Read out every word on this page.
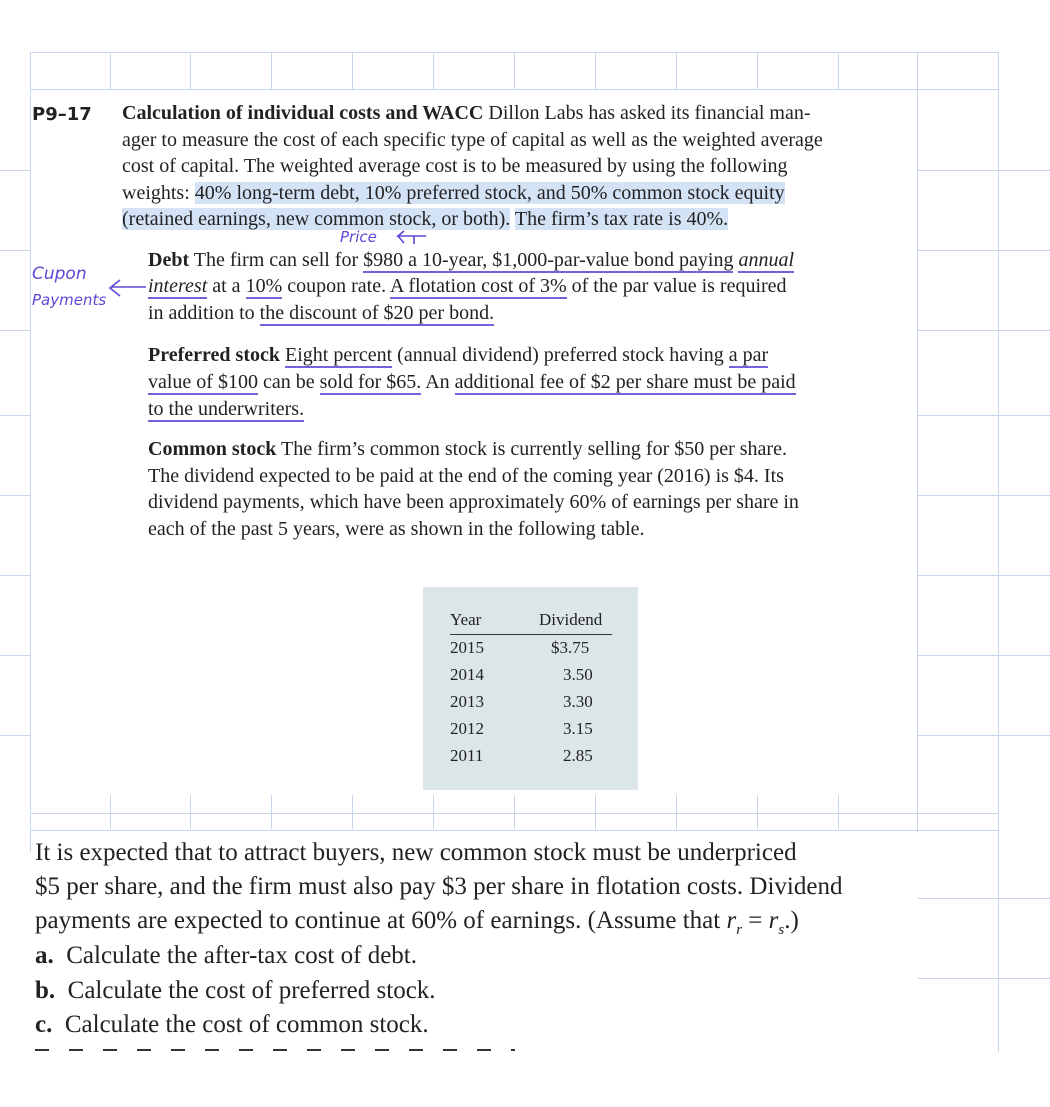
P9–17 Calculation of individual costs and WACC Dillon Labs has asked its financial man-
ager to measure the cost of each specific type of capital as well as the weighted average
cost of capital. The weighted average cost is to be measured by using the following
weights: 40% long-term debt, 10% preferred stock, and 50% common stock equity
(retained earnings, new common stock, or both). The firm’s tax rate is 40%.
Price
Cupon
Payments
Debt The firm can sell for $980 a 10-year, $1,000-par-value bond paying annual
interest at a 10% coupon rate. A flotation cost of 3% of the par value is required
in addition to the discount of $20 per bond.
Preferred stock Eight percent (annual dividend) preferred stock having a par
value of $100 can be sold for $65. An additional fee of $2 per share must be paid
to the underwriters.
Common stock The firm’s common stock is currently selling for $50 per share.
The dividend expected to be paid at the end of the coming year (2016) is $4. Its
dividend payments, which have been approximately 60% of earnings per share in
each of the past 5 years, were as shown in the following table.
Year	Dividend
2015	$3.75
2014	3.50
2013	3.30
2012	3.15
2011	2.85
It is expected that to attract buyers, new common stock must be underpriced
$5 per share, and the firm must also pay $3 per share in flotation costs. Dividend
payments are expected to continue at 60% of earnings. (Assume that $r_r = r_s$.)
a. Calculate the after-tax cost of debt.
b. Calculate the cost of preferred stock.
c. Calculate the cost of common stock.
